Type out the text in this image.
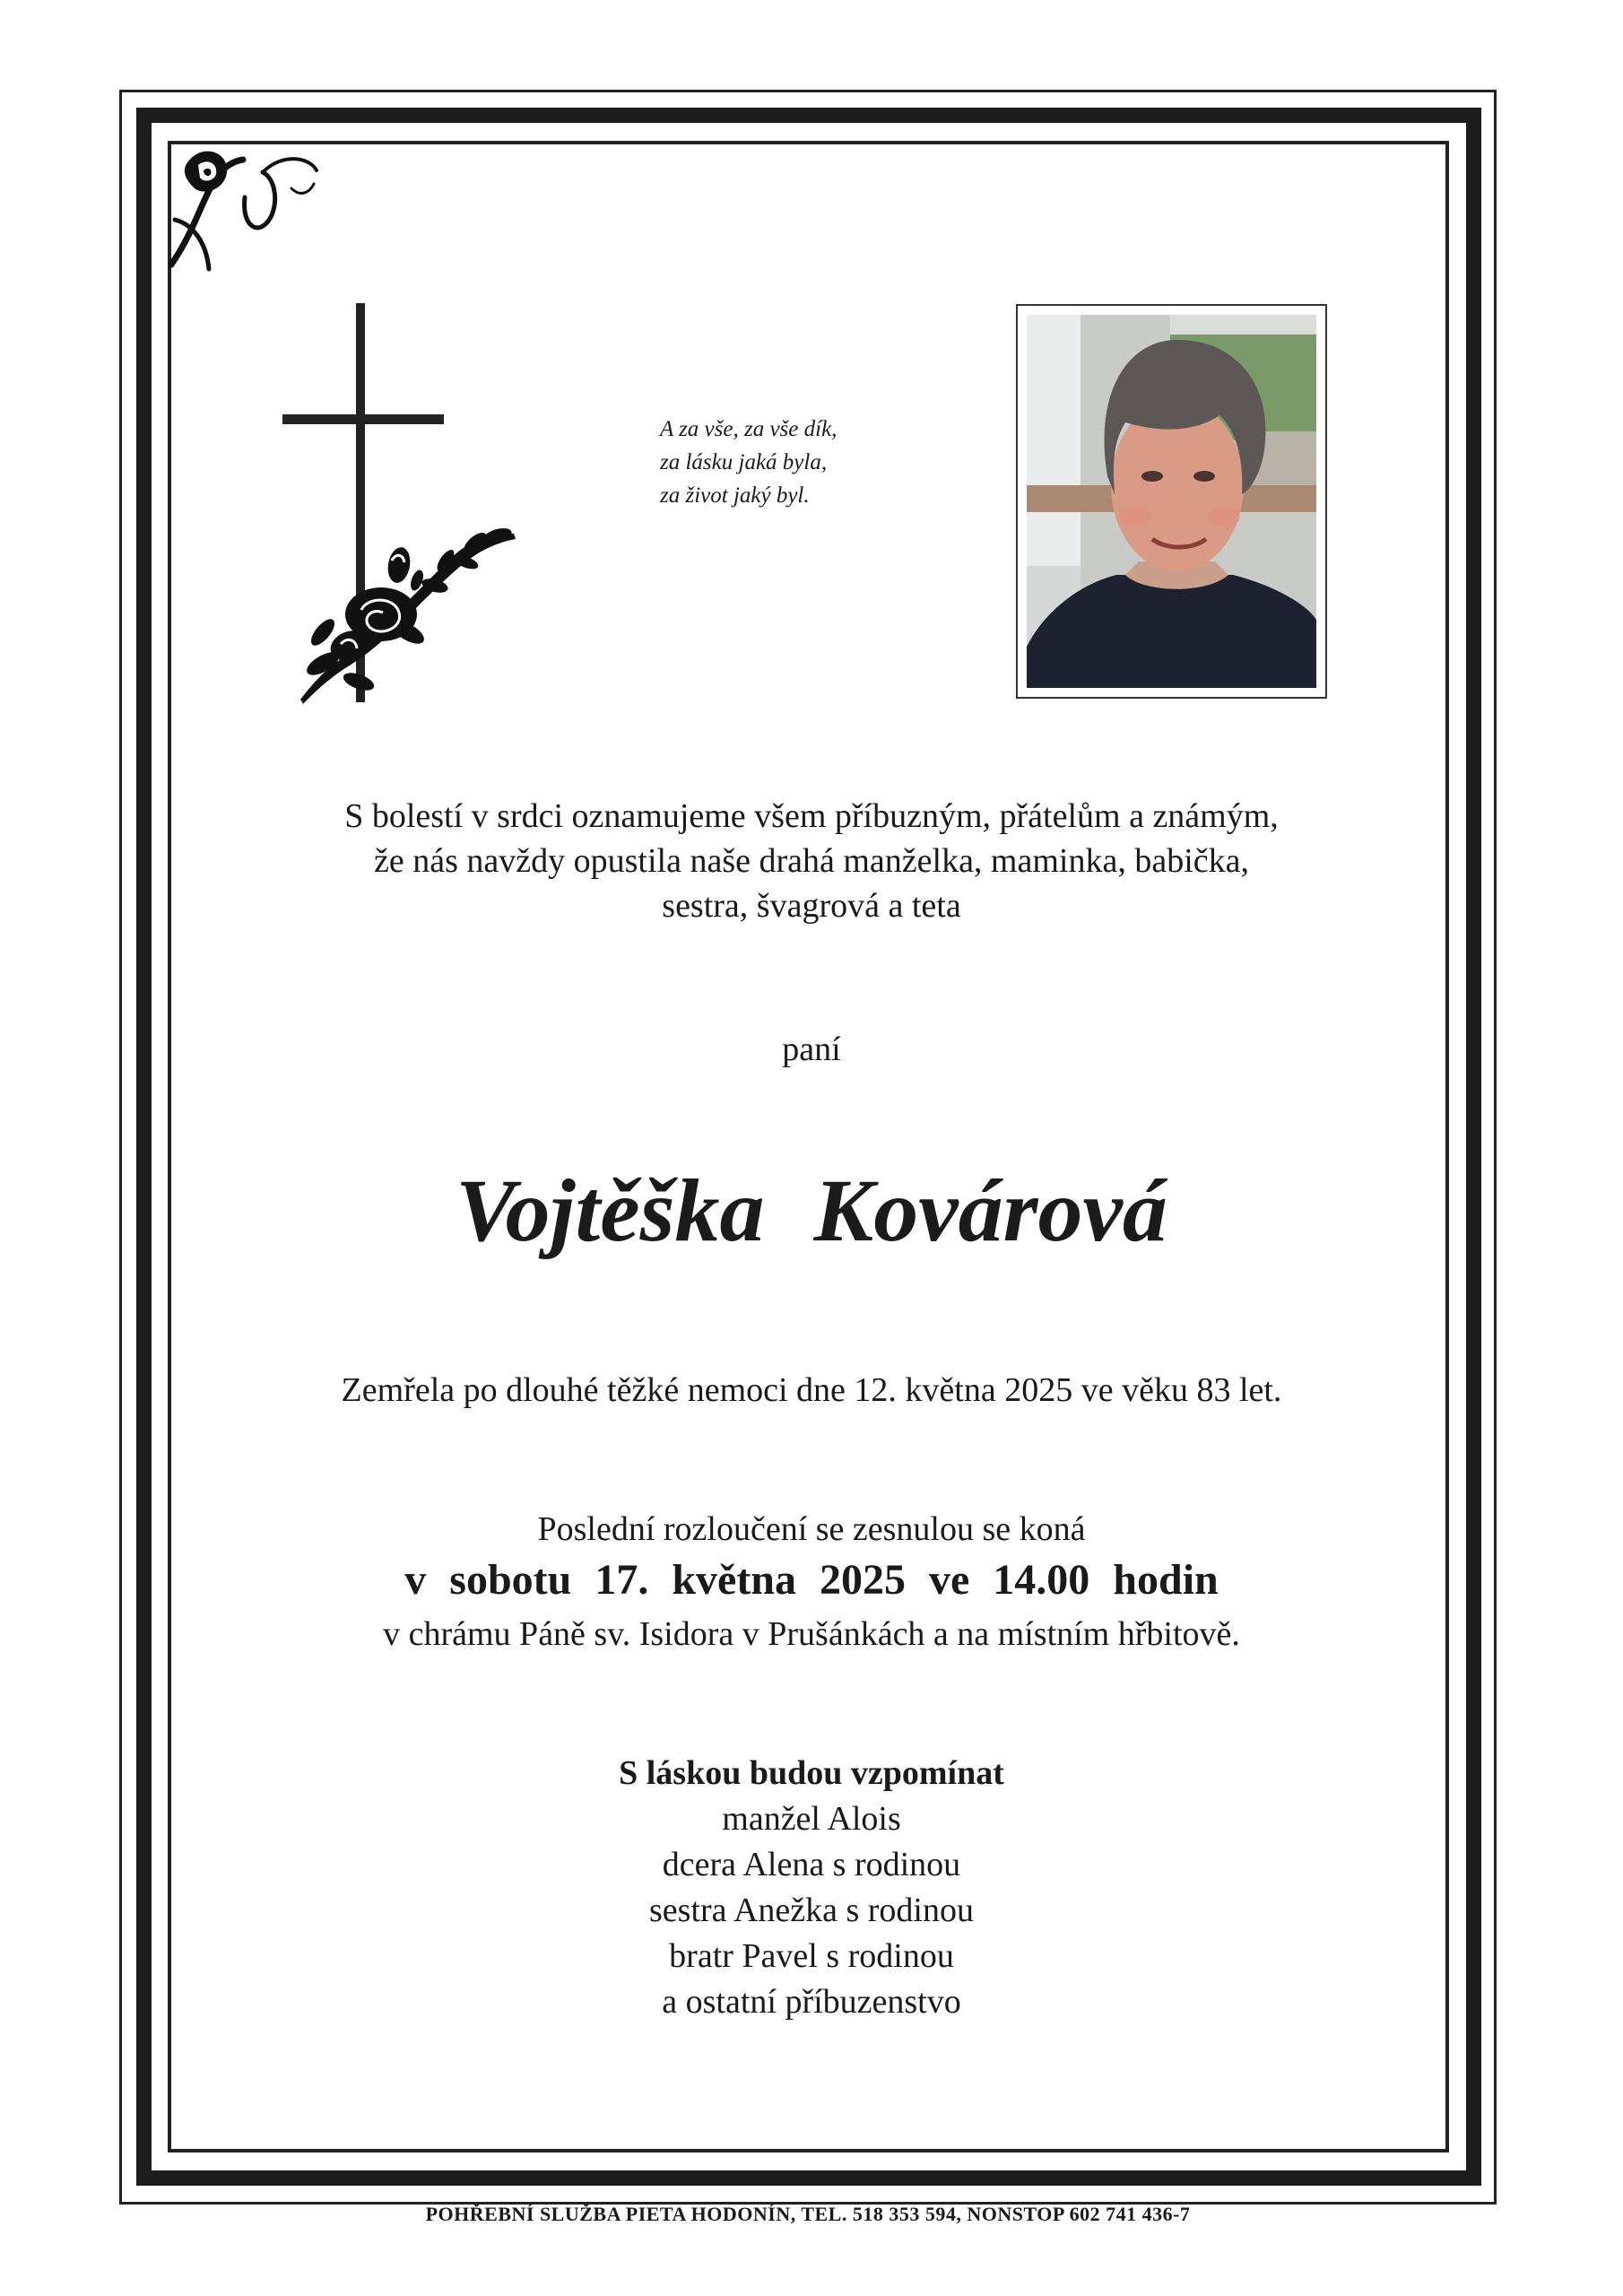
A za vše, za vše dík,
za lásku jaká byla,
za život jaký byl.
S bolestí v srdci oznamujeme všem příbuzným, přátelům a známým,
že nás navždy opustila naše drahá manželka, maminka, babička,
sestra, švagrová a teta
paní
Vojtěška Kovárová
Zemřela po dlouhé těžké nemoci dne 12. května 2025 ve věku 83 let.
Poslední rozloučení se zesnulou se koná
v sobotu 17. května 2025 ve 14.00 hodin
v chrámu Páně sv. Isidora v Prušánkách a na místním hřbitově.
S láskou budou vzpomínat
manžel Alois
dcera Alena s rodinou
sestra Anežka s rodinou
bratr Pavel s rodinou
a ostatní příbuzenstvo
POHŘEBNÍ SLUŽBA PIETA HODONÍN, TEL. 518 353 594, NONSTOP 602 741 436-7
